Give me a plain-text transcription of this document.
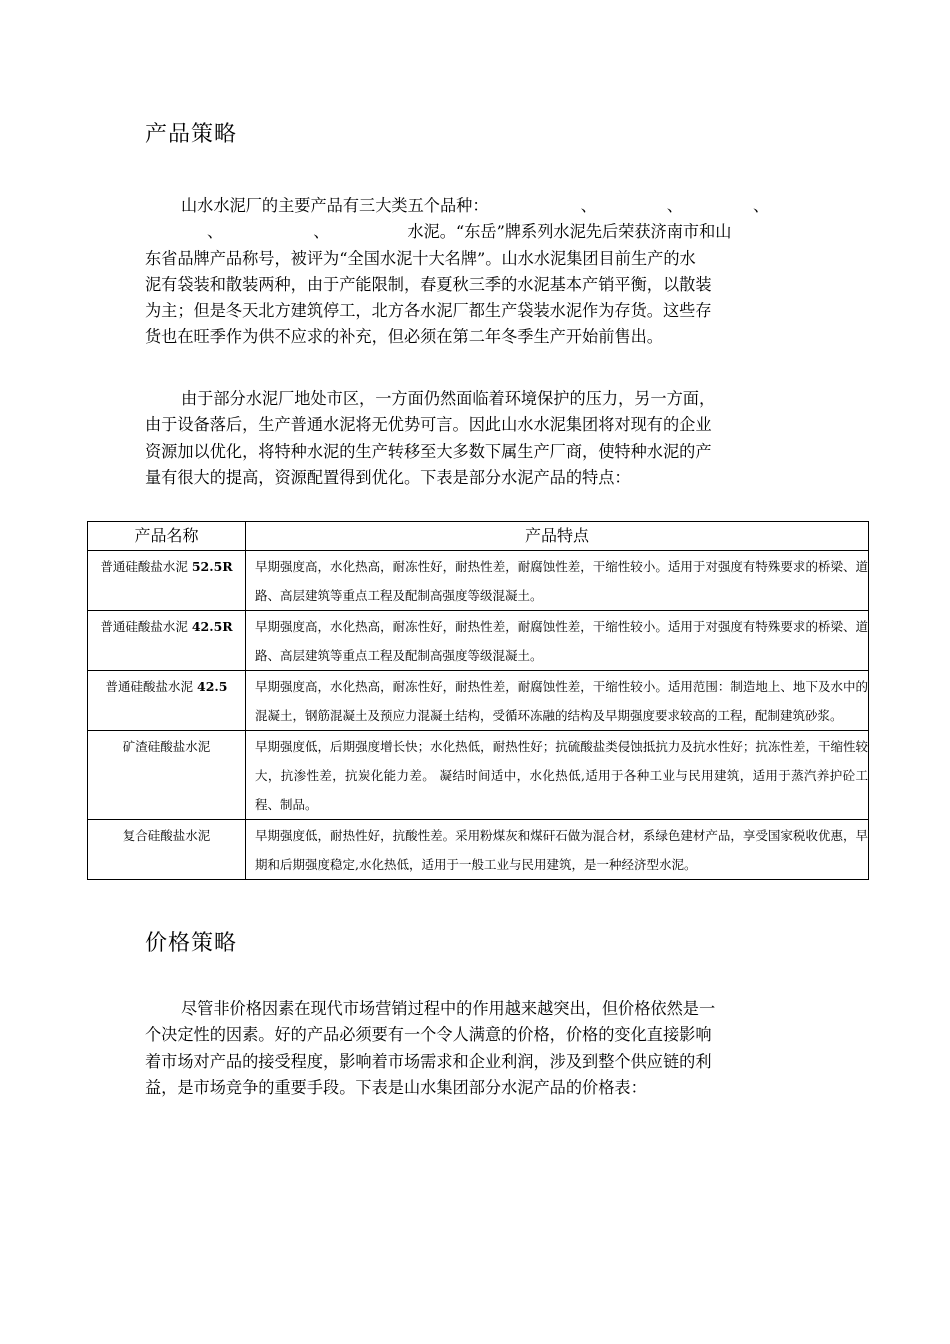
产品策略
山水水泥厂的主要产品有三大类五个品种：	、	、	、
、	、	水泥。“东岳”牌系列水泥先后荣获济南市和山
东省品牌产品称号，被评为“全国水泥十大名牌”。山水水泥集团目前生产的水
泥有袋装和散装两种，由于产能限制，春夏秋三季的水泥基本产销平衡，以散装
为主；但是冬天北方建筑停工，北方各水泥厂都生产袋装水泥作为存货。这些存
货也在旺季作为供不应求的补充，但必须在第二年冬季生产开始前售出。
由于部分水泥厂地处市区，一方面仍然面临着环境保护的压力，另一方面，
由于设备落后，生产普通水泥将无优势可言。因此山水水泥集团将对现有的企业
资源加以优化，将特种水泥的生产转移至大多数下属生产厂商，使特种水泥的产
量有很大的提高，资源配置得到优化。下表是部分水泥产品的特点：
产品名称	产品特点
普通硅酸盐水泥 52.5R	早期强度高，水化热高，耐冻性好，耐热性差，耐腐蚀性差，干缩性较小。适用于对强度有特殊要求的桥梁、道路、高层建筑等重点工程及配制高强度等级混凝土。
普通硅酸盐水泥 42.5R	早期强度高，水化热高，耐冻性好，耐热性差，耐腐蚀性差，干缩性较小。适用于对强度有特殊要求的桥梁、道路、高层建筑等重点工程及配制高强度等级混凝土。
普通硅酸盐水泥 42.5	早期强度高，水化热高，耐冻性好，耐热性差，耐腐蚀性差，干缩性较小。适用范围：制造地上、地下及水中的混凝土，钢筋混凝土及预应力混凝土结构，受循环冻融的结构及早期强度要求较高的工程，配制建筑砂浆。
矿渣硅酸盐水泥	早期强度低，后期强度增长快；水化热低，耐热性好；抗硫酸盐类侵蚀抵抗力及抗水性好；抗冻性差，干缩性较大，抗渗性差，抗炭化能力差。 凝结时间适中，水化热低,适用于各种工业与民用建筑，适用于蒸汽养护砼工程、制品。
复合硅酸盐水泥	早期强度低，耐热性好，抗酸性差。采用粉煤灰和煤矸石做为混合材，系绿色建材产品，享受国家税收优惠，早期和后期强度稳定,水化热低，适用于一般工业与民用建筑，是一种经济型水泥。
价格策略
尽管非价格因素在现代市场营销过程中的作用越来越突出，但价格依然是一
个决定性的因素。好的产品必须要有一个令人满意的价格，价格的变化直接影响
着市场对产品的接受程度，影响着市场需求和企业利润，涉及到整个供应链的利
益，是市场竞争的重要手段。下表是山水集团部分水泥产品的价格表：
